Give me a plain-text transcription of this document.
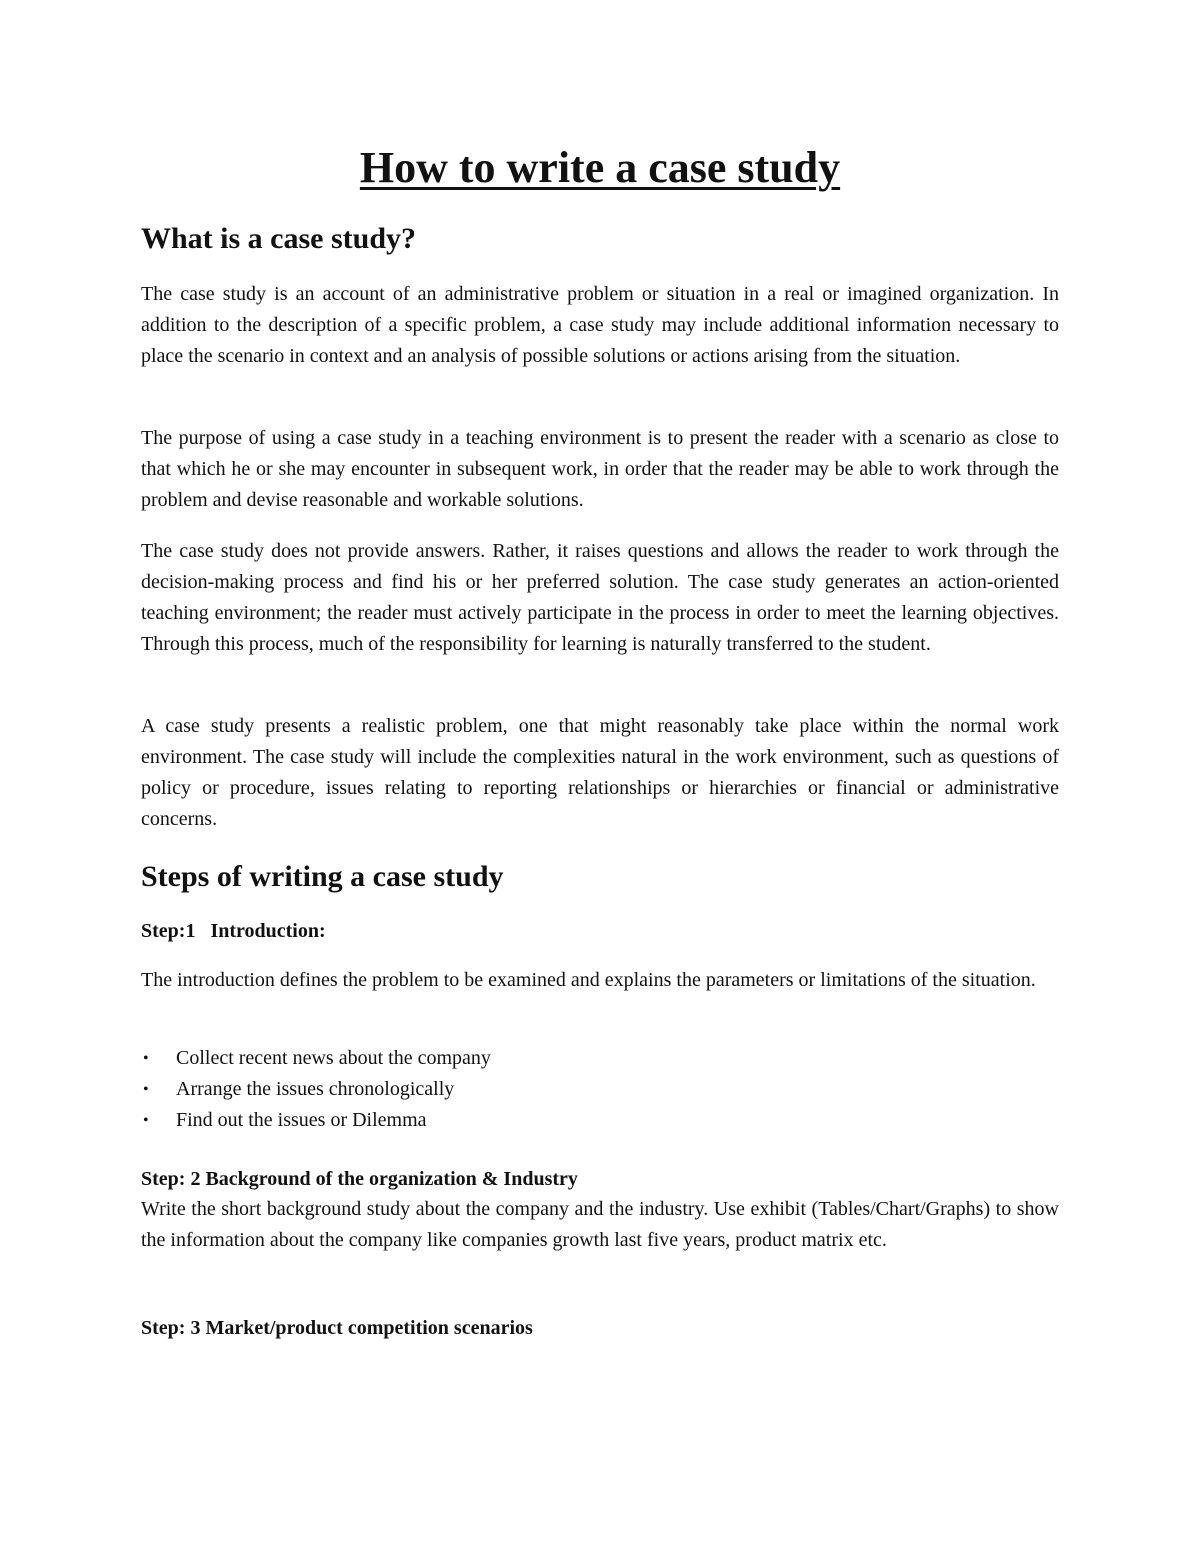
How to write a case study
What is a case study?

The case study is an account of an administrative problem or situation in a real or imagined organization. In addition to the description of a specific problem, a case study may include additional information necessary to place the scenario in context and an analysis of possible solutions or actions arising from the situation.

The purpose of using a case study in a teaching environment is to present the reader with a scenario as close to that which he or she may encounter in subsequent work, in order that the reader may be able to work through the problem and devise reasonable and workable solutions.

The case study does not provide answers. Rather, it raises questions and allows the reader to work through the decision-making process and find his or her preferred solution. The case study generates an action-oriented teaching environment; the reader must actively participate in the process in order to meet the learning objectives. Through this process, much of the responsibility for learning is naturally transferred to the student.

A case study presents a realistic problem, one that might reasonably take place within the normal work environment. The case study will include the complexities natural in the work environment, such as questions of policy or procedure, issues relating to reporting relationships or hierarchies or financial or administrative concerns.

Steps of writing a case study

Step:1   Introduction:

The introduction defines the problem to be examined and explains the parameters or limitations of the situation.

• Collect recent news about the company
• Arrange the issues chronologically
• Find out the issues or Dilemma

Step: 2 Background of the organization & Industry

Write the short background study about the company and the industry. Use exhibit (Tables/Chart/Graphs) to show the information about the company like companies growth last five years, product matrix etc.

Step: 3 Market/product competition scenarios
